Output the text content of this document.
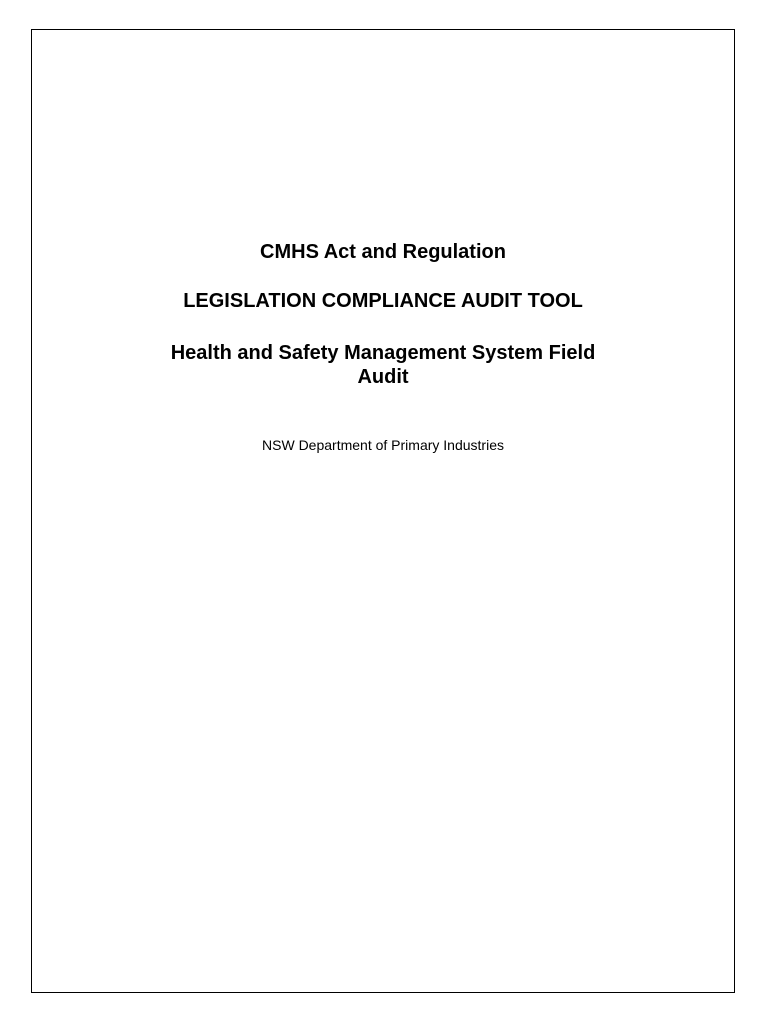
CMHS Act and Regulation
LEGISLATION COMPLIANCE AUDIT TOOL
Health and Safety Management System Field
Audit

NSW Department of Primary Industries
